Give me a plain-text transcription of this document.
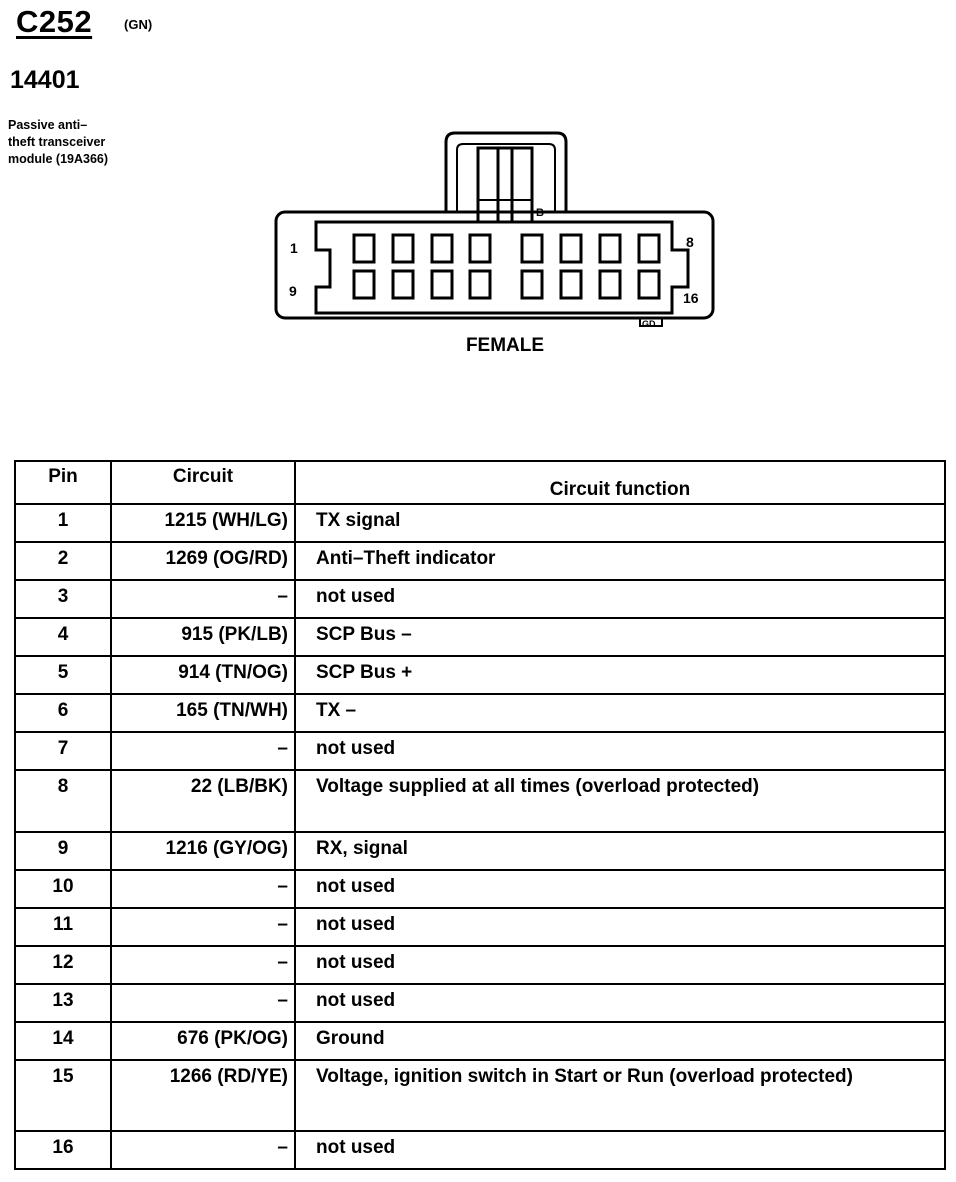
C252 (GN)
14401
Passive anti–
theft transceiver
module (19A366)
1
9
8
16
B
GD
FEMALE
Pin	Circuit	Circuit function
1	1215 (WH/LG)	TX signal
2	1269 (OG/RD)	Anti–Theft indicator
3	–	not used
4	915 (PK/LB)	SCP Bus –
5	914 (TN/OG)	SCP Bus +
6	165 (TN/WH)	TX –
7	–	not used
8	22 (LB/BK)	Voltage supplied at all times (overload protected)
9	1216 (GY/OG)	RX, signal
10	–	not used
11	–	not used
12	–	not used
13	–	not used
14	676 (PK/OG)	Ground
15	1266 (RD/YE)	Voltage, ignition switch in Start or Run (overload protected)
16	–	not used
